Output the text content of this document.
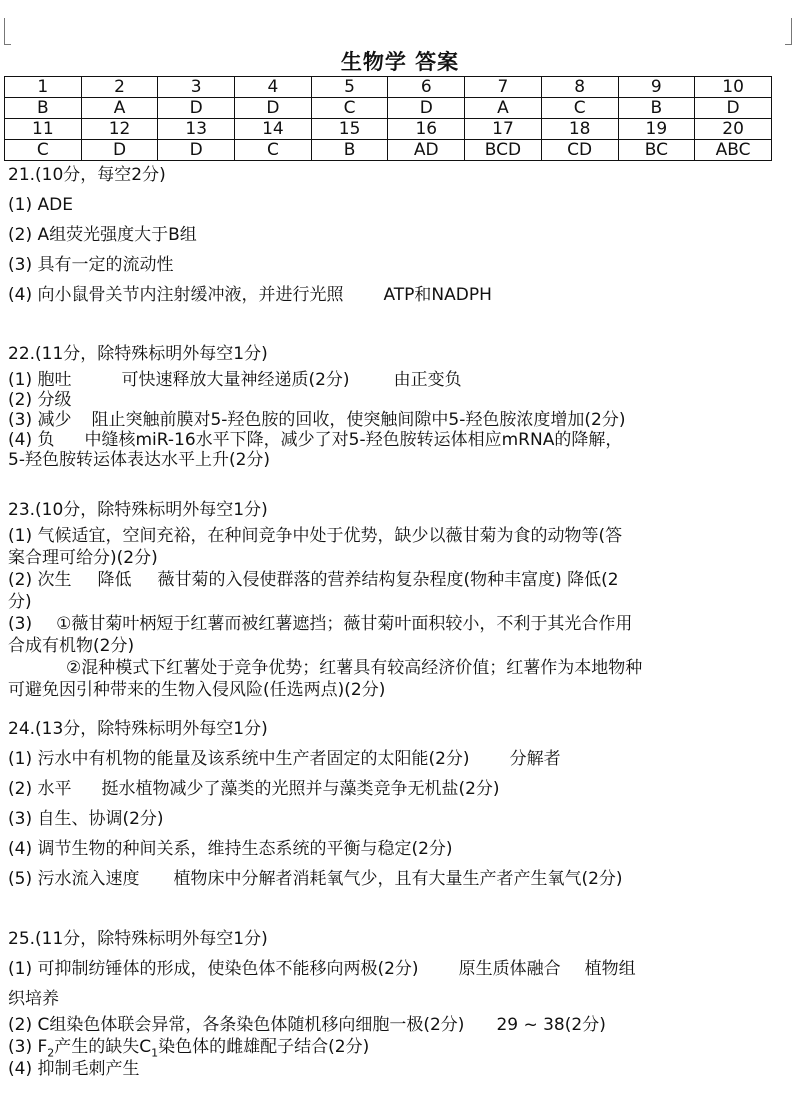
生物学 答案
1	2	3	4	5	6	7	8	9	10
B	A	D	D	C	D	A	C	B	D
11	12	13	14	15	16	17	18	19	20
C	D	D	C	B	AD	BCD	CD	BC	ABC
21.(10分，每空2分)
(1) ADE
(2) A组荧光强度大于B组
(3) 具有一定的流动性
(4) 向小鼠骨关节内注射缓冲液，并进行光照 ATP和NADPH
22.(11分，除特殊标明外每空1分)
(1) 胞吐	可快速释放大量神经递质(2分)	由正变负
(2) 分级
(3) 减少 阻止突触前膜对5-羟色胺的回收，使突触间隙中5-羟色胺浓度增加(2分)
(4) 负 中缝核miR-16水平下降，减少了对5-羟色胺转运体相应mRNA的降解，
5-羟色胺转运体表达水平上升(2分)
23.(10分，除特殊标明外每空1分)
(1) 气候适宜，空间充裕，在种间竞争中处于优势，缺少以薇甘菊为食的动物等(答
案合理可给分)(2分)
(2) 次生 降低 薇甘菊的入侵使群落的营养结构复杂程度(物种丰富度) 降低(2
分)
(3) ①薇甘菊叶柄短于红薯而被红薯遮挡；薇甘菊叶面积较小，不利于其光合作用
合成有机物(2分)
②混种模式下红薯处于竞争优势；红薯具有较高经济价值；红薯作为本地物种
可避免因引种带来的生物入侵风险(任选两点)(2分)
24.(13分，除特殊标明外每空1分)
(1) 污水中有机物的能量及该系统中生产者固定的太阳能(2分) 分解者
(2) 水平 挺水植物减少了藻类的光照并与藻类竞争无机盐(2分)
(3) 自生、协调(2分)
(4) 调节生物的种间关系，维持生态系统的平衡与稳定(2分)
(5) 污水流入速度 植物床中分解者消耗氧气少，且有大量生产者产生氧气(2分)
25.(11分，除特殊标明外每空1分)
(1) 可抑制纺锤体的形成，使染色体不能移向两极(2分) 原生质体融合 植物组
织培养
(2) C组染色体联会异常，各条染色体随机移向细胞一极(2分) 29 ~ 38(2分)
(3) $F_2$产生的缺失$C_1$染色体的雌雄配子结合(2分)
(4) 抑制毛刺产生
